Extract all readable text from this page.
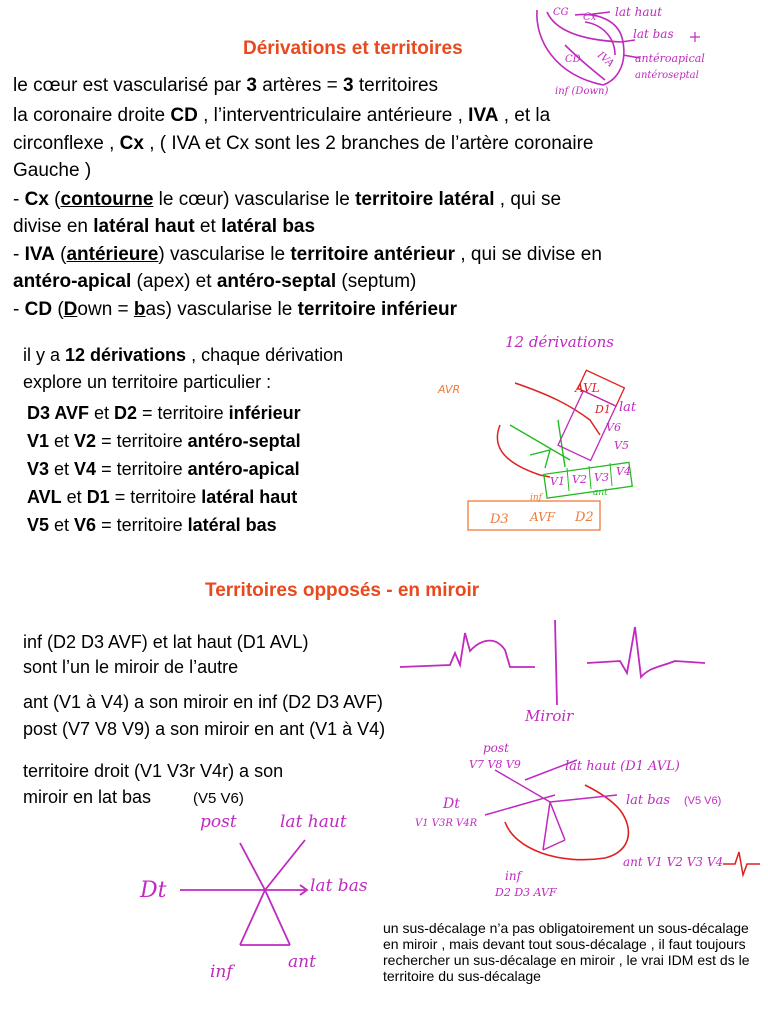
Dérivations et territoires
le cœur est vascularisé par 3 artères = 3 territoires
la coronaire droite CD , l’interventriculaire antérieure , IVA , et la
circonflexe , Cx , ( IVA et Cx sont les 2 branches de l’artère coronaire
Gauche )
- Cx (contourne le cœur) vascularise le territoire latéral , qui se
divise en latéral haut et latéral bas
- IVA (antérieure) vascularise le territoire antérieur , qui se divise en
antéro-apical (apex) et antéro-septal (septum)
- CD (Down = bas) vascularise le territoire inférieur
CG Cx lat haut
lat bas
IVA
CD	antéroapical
antéroseptal
inf (Down)
il y a 12 dérivations , chaque dérivation
explore un territoire particulier :
D3 AVF et D2 = territoire inférieur
V1 et V2 = territoire antéro-septal
V3 et V4 = territoire antéro-apical
AVL et D1 = territoire latéral haut
V5 et V6 = territoire latéral bas
12 dérivations
AVR	AVL
D1 lat
V6
V5
V1 V2 V3 V4
ant
inf
D3 AVF D2
Territoires opposés - en miroir
inf (D2 D3 AVF) et lat haut (D1 AVL)
sont l’un le miroir de l’autre
ant (V1 à V4) a son miroir en inf (D2 D3 AVF)
post (V7 V8 V9) a son miroir en ant (V1 à V4)
territoire droit (V1 V3r V4r) a son
miroir en lat bas	(V5 V6)
Miroir
post
V7 V8 V9	lat haut (D1 AVL)
lat bas (V5 V6)
Dt
V1 V3R V4R
ant V1 V2 V3 V4
inf
D2 D3 AVF
post	lat haut
Dt	lat bas
inf	ant
un sus-décalage n’a pas obligatoirement un sous-décalage en miroir , mais devant tout sous-décalage , il faut toujours rechercher un sus-décalage en miroir , le vrai IDM est ds le territoire du sus-décalage
